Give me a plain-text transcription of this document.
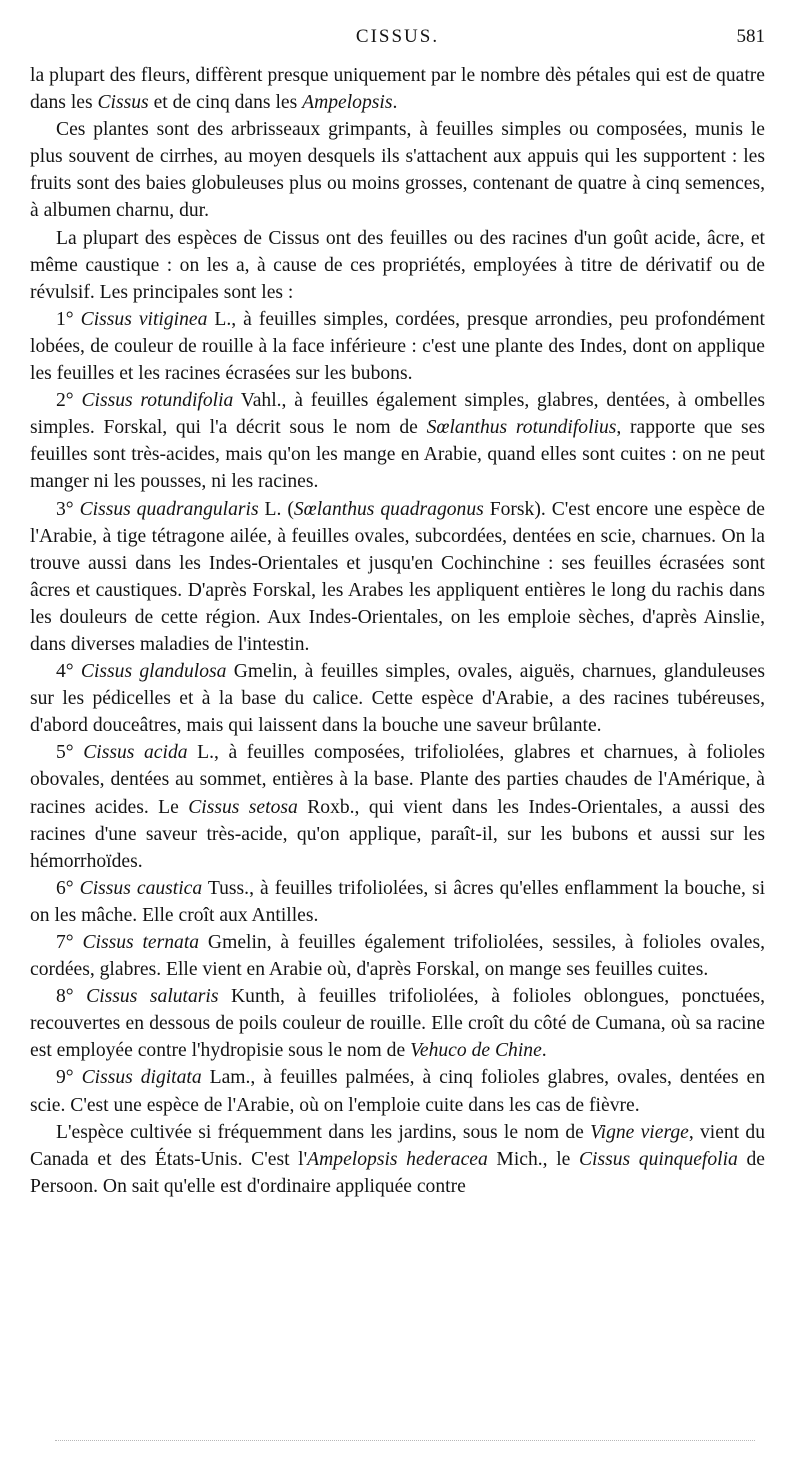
CISSUS.	581

la plupart des fleurs, diffèrent presque uniquement par le nombre dès pétales qui est de quatre dans les Cissus et de cinq dans les Ampelopsis.

Ces plantes sont des arbrisseaux grimpants, à feuilles simples ou composées, munis le plus souvent de cirrhes, au moyen desquels ils s'attachent aux appuis qui les supportent : les fruits sont des baies globuleuses plus ou moins grosses, contenant de quatre à cinq semences, à albumen charnu, dur.

La plupart des espèces de Cissus ont des feuilles ou des racines d'un goût acide, âcre, et même caustique : on les a, à cause de ces propriétés, employées à titre de dérivatif ou de révulsif. Les principales sont les :

1° Cissus vitiginea L., à feuilles simples, cordées, presque arrondies, peu profondément lobées, de couleur de rouille à la face inférieure : c'est une plante des Indes, dont on applique les feuilles et les racines écrasées sur les bubons.

2° Cissus rotundifolia Vahl., à feuilles également simples, glabres, dentées, à ombelles simples. Forskal, qui l'a décrit sous le nom de Sœlanthus rotundifolius, rapporte que ses feuilles sont très-acides, mais qu'on les mange en Arabie, quand elles sont cuites : on ne peut manger ni les pousses, ni les racines.

3° Cissus quadrangularis L. (Sœlanthus quadragonus Forsk). C'est encore une espèce de l'Arabie, à tige tétragone ailée, à feuilles ovales, subcordées, dentées en scie, charnues. On la trouve aussi dans les Indes-Orientales et jusqu'en Cochinchine : ses feuilles écrasées sont âcres et caustiques. D'après Forskal, les Arabes les appliquent entières le long du rachis dans les douleurs de cette région. Aux Indes-Orientales, on les emploie sèches, d'après Ainslie, dans diverses maladies de l'intestin.

4° Cissus glandulosa Gmelin, à feuilles simples, ovales, aiguës, charnues, glanduleuses sur les pédicelles et à la base du calice. Cette espèce d'Arabie, a des racines tubéreuses, d'abord douceâtres, mais qui laissent dans la bouche une saveur brûlante.

5° Cissus acida L., à feuilles composées, trifoliolées, glabres et charnues, à folioles obovales, dentées au sommet, entières à la base. Plante des parties chaudes de l'Amérique, à racines acides. Le Cissus setosa Roxb., qui vient dans les Indes-Orientales, a aussi des racines d'une saveur très-acide, qu'on applique, paraît-il, sur les bubons et aussi sur les hémorrhoïdes.

6° Cissus caustica Tuss., à feuilles trifoliolées, si âcres qu'elles enflamment la bouche, si on les mâche. Elle croît aux Antilles.

7° Cissus ternata Gmelin, à feuilles également trifoliolées, sessiles, à folioles ovales, cordées, glabres. Elle vient en Arabie où, d'après Forskal, on mange ses feuilles cuites.

8° Cissus salutaris Kunth, à feuilles trifoliolées, à folioles oblongues, ponctuées, recouvertes en dessous de poils couleur de rouille. Elle croît du côté de Cumana, où sa racine est employée contre l'hydropisie sous le nom de Vehuco de Chine.

9° Cissus digitata Lam., à feuilles palmées, à cinq folioles glabres, ovales, dentées en scie. C'est une espèce de l'Arabie, où on l'emploie cuite dans les cas de fièvre.

L'espèce cultivée si fréquemment dans les jardins, sous le nom de Vigne vierge, vient du Canada et des États-Unis. C'est l'Ampelopsis hederacea Mich., le Cissus quinquefolia de Persoon. On sait qu'elle est d'ordinaire appliquée contre
